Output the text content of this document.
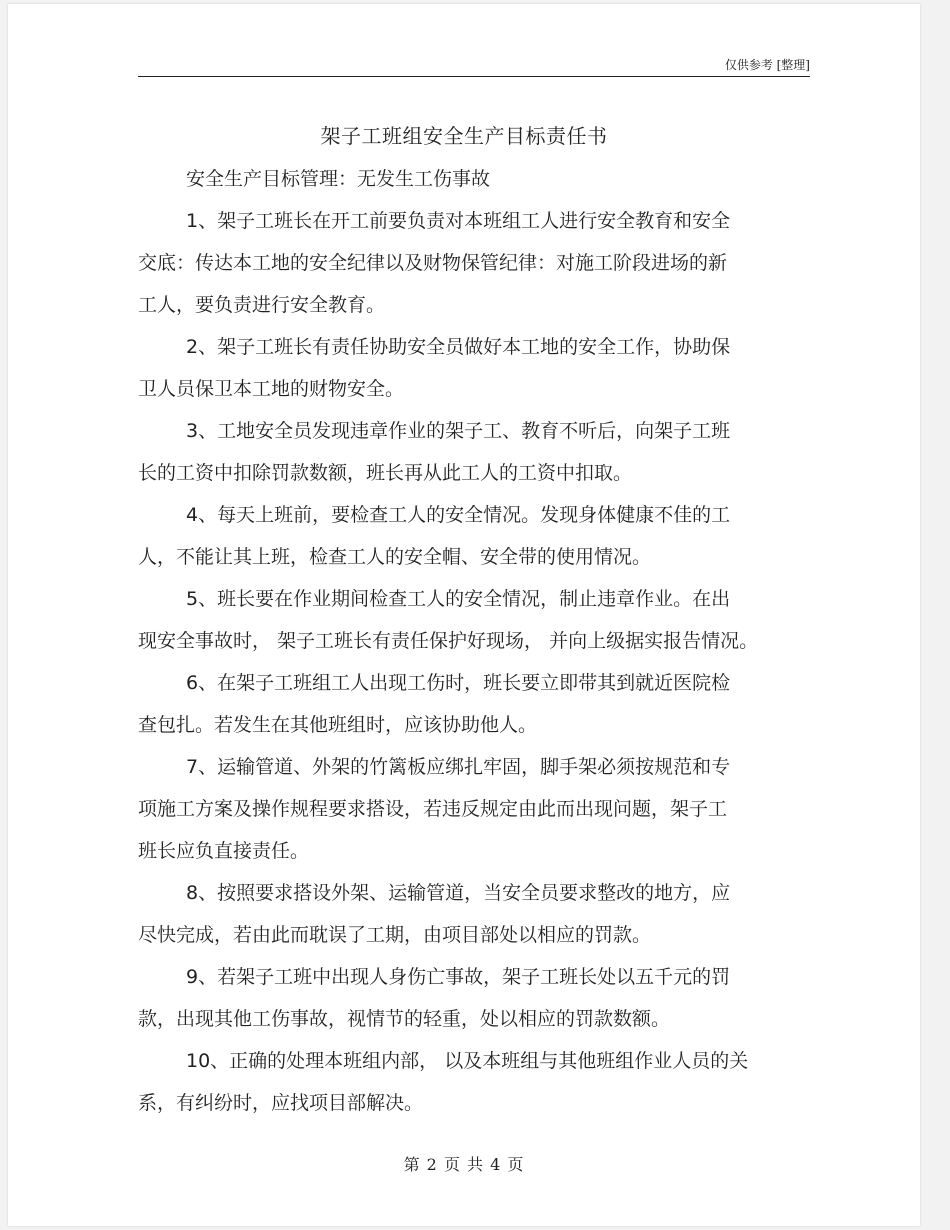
仅供参考 [整理]
架子工班组安全生产目标责任书
安全生产目标管理：无发生工伤事故
1、架子工班长在开工前要负责对本班组工人进行安全教育和安全
交底：传达本工地的安全纪律以及财物保管纪律：对施工阶段进场的新
工人，要负责进行安全教育。
2、架子工班长有责任协助安全员做好本工地的安全工作，协助保
卫人员保卫本工地的财物安全。
3、工地安全员发现违章作业的架子工、教育不听后，向架子工班
长的工资中扣除罚款数额，班长再从此工人的工资中扣取。
4、每天上班前，要检查工人的安全情况。发现身体健康不佳的工
人，不能让其上班，检查工人的安全帽、安全带的使用情况。
5、班长要在作业期间检查工人的安全情况，制止违章作业。在出
现安全事故时， 架子工班长有责任保护好现场， 并向上级据实报告情况。
6、在架子工班组工人出现工伤时，班长要立即带其到就近医院检
查包扎。若发生在其他班组时，应该协助他人。
7、运输管道、外架的竹篱板应绑扎牢固，脚手架必须按规范和专
项施工方案及操作规程要求搭设，若违反规定由此而出现问题，架子工
班长应负直接责任。
8、按照要求搭设外架、运输管道，当安全员要求整改的地方，应
尽快完成，若由此而耽误了工期，由项目部处以相应的罚款。
9、若架子工班中出现人身伤亡事故，架子工班长处以五千元的罚
款，出现其他工伤事故，视情节的轻重，处以相应的罚款数额。
10、正确的处理本班组内部， 以及本班组与其他班组作业人员的关
系，有纠纷时，应找项目部解决。
第 2 页 共 4 页
